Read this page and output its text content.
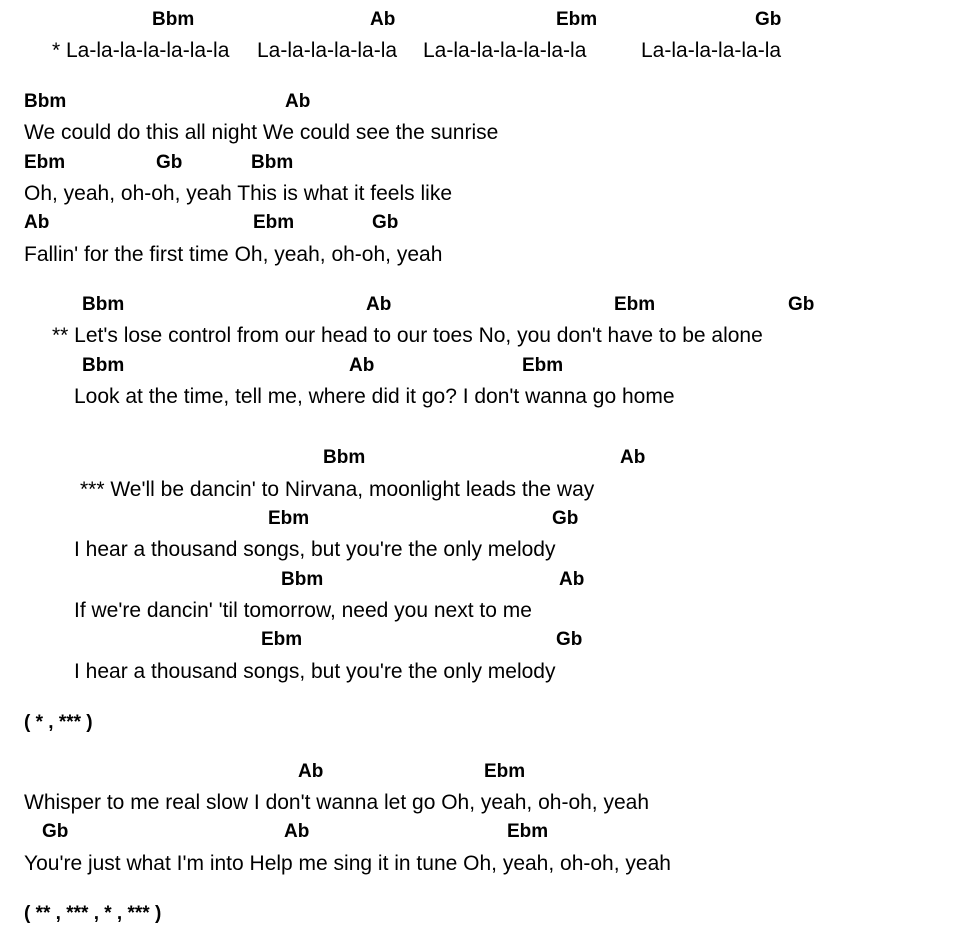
Bbm	Ab	Ebm	Gb
* La-la-la-la-la-la-la La-la-la-la-la-la La-la-la-la-la-la-la	La-la-la-la-la-la
Bbm	Ab
We could do this all night We could see the sunrise
Ebm	Gb	Bbm
Oh, yeah, oh-oh, yeah This is what it feels like
Ab	Ebm	Gb
Fallin' for the first time Oh, yeah, oh-oh, yeah
Bbm	Ab	Ebm	Gb
** Let's lose control from our head to our toes No, you don't have to be alone
Bbm	Ab	Ebm
Look at the time, tell me, where did it go? I don't wanna go home
Bbm	Ab
*** We'll be dancin' to Nirvana, moonlight leads the way
Ebm	Gb
I hear a thousand songs, but you're the only melody
Bbm	Ab
If we're dancin' 'til tomorrow, need you next to me
Ebm	Gb
I hear a thousand songs, but you're the only melody
( * , *** )
Ab	Ebm
Whisper to me real slow I don't wanna let go Oh, yeah, oh-oh, yeah
Gb	Ab	Ebm
You're just what I'm into Help me sing it in tune Oh, yeah, oh-oh, yeah
( ** , *** , * , *** )
